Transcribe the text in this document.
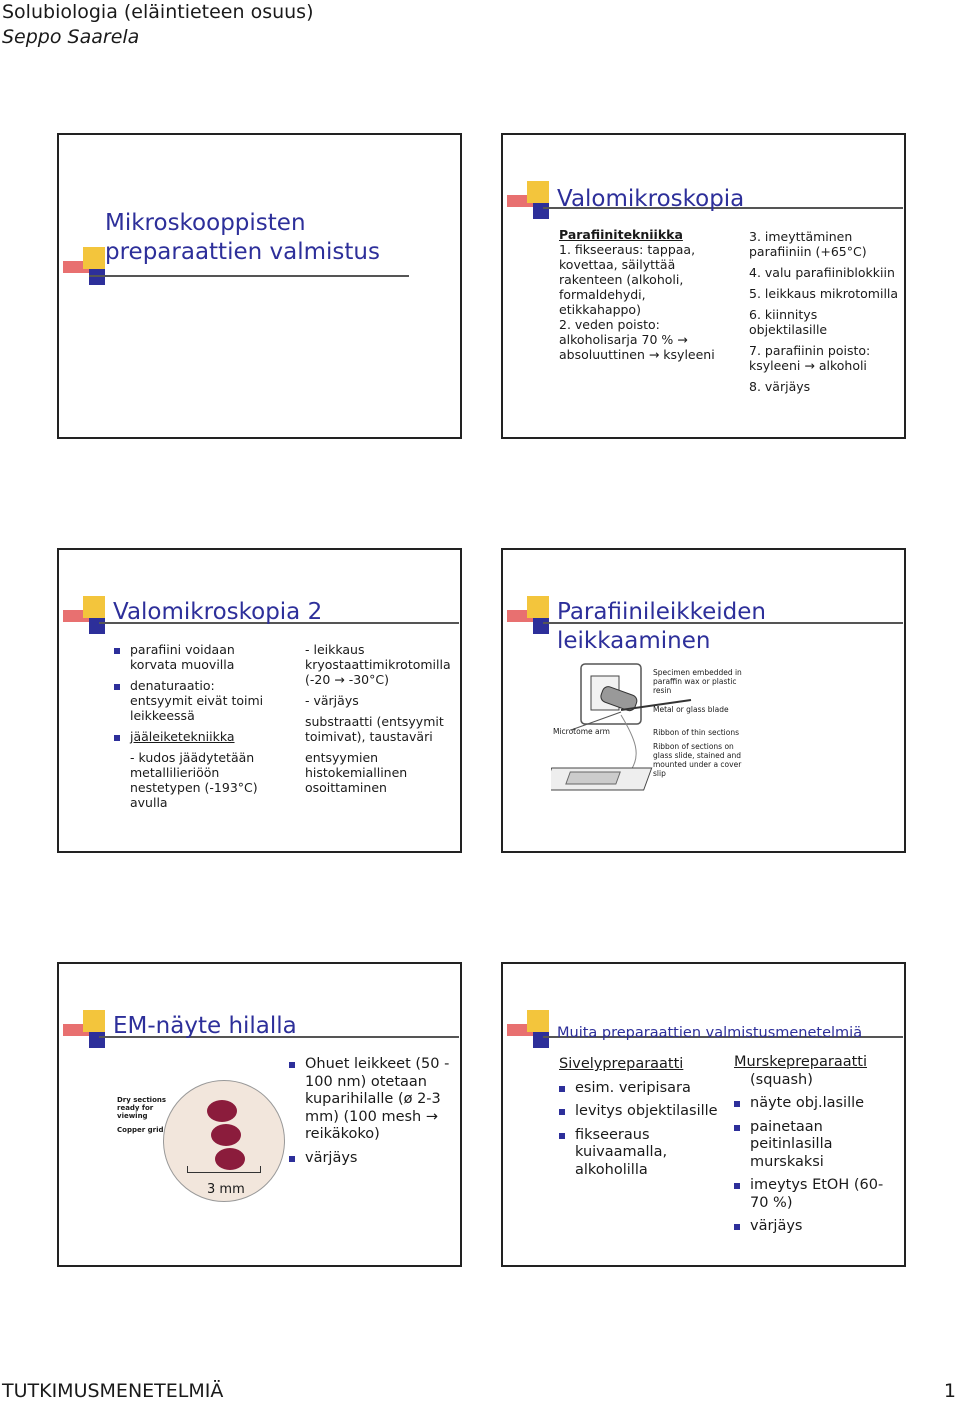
Solubiologia (eläintieteen osuus)
Seppo Saarela
Mikroskooppisten
preparaattien valmistus
Valomikroskopia

Parafiinitekniikka

1. fikseeraus: tappaa, kovettaa, säilyttää rakenteen (alkoholi, formaldehydi, etikkahappo)

2. veden poisto: alkoholisarja 70 % → absoluuttinen → ksyleeni

3. imeyttäminen parafiiniin (+65°C)

4. valu parafiiniblokkiin

5. leikkaus mikrotomilla

6. kiinnitys objektilasille

7. parafiinin poisto: ksyleeni → alkoholi

8. värjäys

Valomikroskopia 2

parafiini voidaan korvata muovilla

denaturaatio: entsyymit eivät toimi leikkeessä

jääleiketekniikka

- kudos jäädytetään metallilieriöön nestetypen (-193°C) avulla

- leikkaus kryostaattimikrotomilla (-20 → -30°C)

- värjäys

substraatti (entsyymit toimivat), taustaväri

entsyymien histokemiallinen osoittaminen

Parafiinileikkeiden leikkaaminen

Specimen embedded in paraffin wax or plastic resin

Metal or glass blade

Ribbon of thin sections

Ribbon of sections on glass slide, stained and mounted under a cover slip

Microtome arm
EM-näyte hilalla
Dry sections ready for viewing
Copper grid
3 mm

Ohuet leikkeet (50 - 100 nm) otetaan kuparihilalle (ø 2-3 mm) (100 mesh → reikäkoko)

värjäys

Muita preparaattien valmistusmenetelmiä

Sivelypreparaatti

esim. veripisara

levitys objektilasille

fikseeraus kuivaamalla, alkoholilla

Murskepreparaatti

(squash)

näyte obj.lasille

painetaan peitinlasilla murskaksi

imeytys EtOH (60-70 %)

värjäys

TUTKIMUSMENETELMIÄ	1
